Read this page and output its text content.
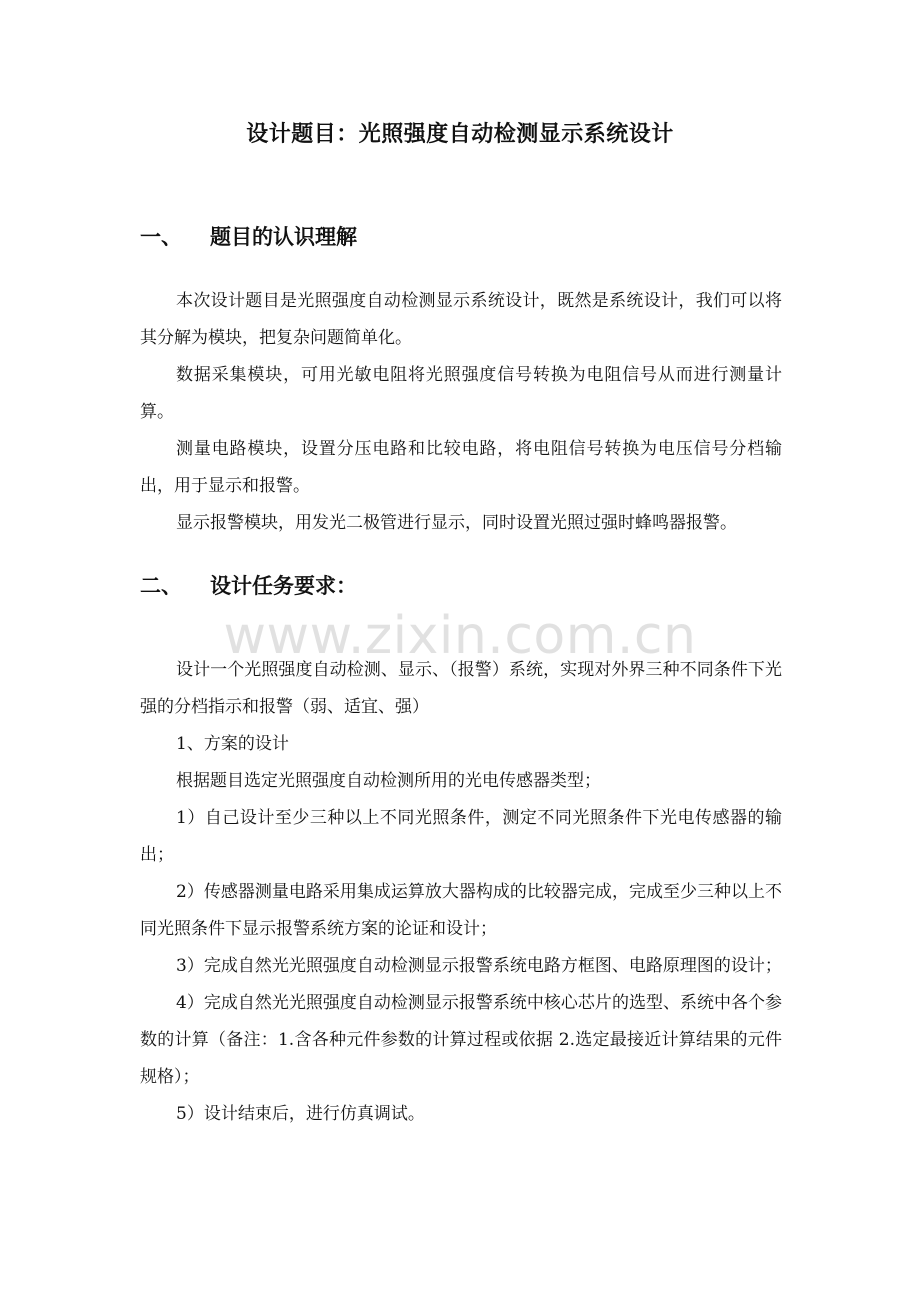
设计题目：光照强度自动检测显示系统设计
一、 题目的认识理解

本次设计题目是光照强度自动检测显示系统设计，既然是系统设计，我们可以将其分解为模块，把复杂问题简单化。

数据采集模块，可用光敏电阻将光照强度信号转换为电阻信号从而进行测量计算。

测量电路模块，设置分压电路和比较电路，将电阻信号转换为电压信号分档输出，用于显示和报警。

显示报警模块，用发光二极管进行显示，同时设置光照过强时蜂鸣器报警。

二、 设计任务要求：
www.zixin.com.cn

设计一个光照强度自动检测、显示、（报警）系统，实现对外界三种不同条件下光强的分档指示和报警（弱、适宜、强）

1、方案的设计

根据题目选定光照强度自动检测所用的光电传感器类型；

1）自己设计至少三种以上不同光照条件，测定不同光照条件下光电传感器的输出；

2）传感器测量电路采用集成运算放大器构成的比较器完成，完成至少三种以上不同光照条件下显示报警系统方案的论证和设计；

3）完成自然光光照强度自动检测显示报警系统电路方框图、电路原理图的设计；

4）完成自然光光照强度自动检测显示报警系统中核心芯片的选型、系统中各个参数的计算（备注：1.含各种元件参数的计算过程或依据 2.选定最接近计算结果的元件规格）；

5）设计结束后，进行仿真调试。
